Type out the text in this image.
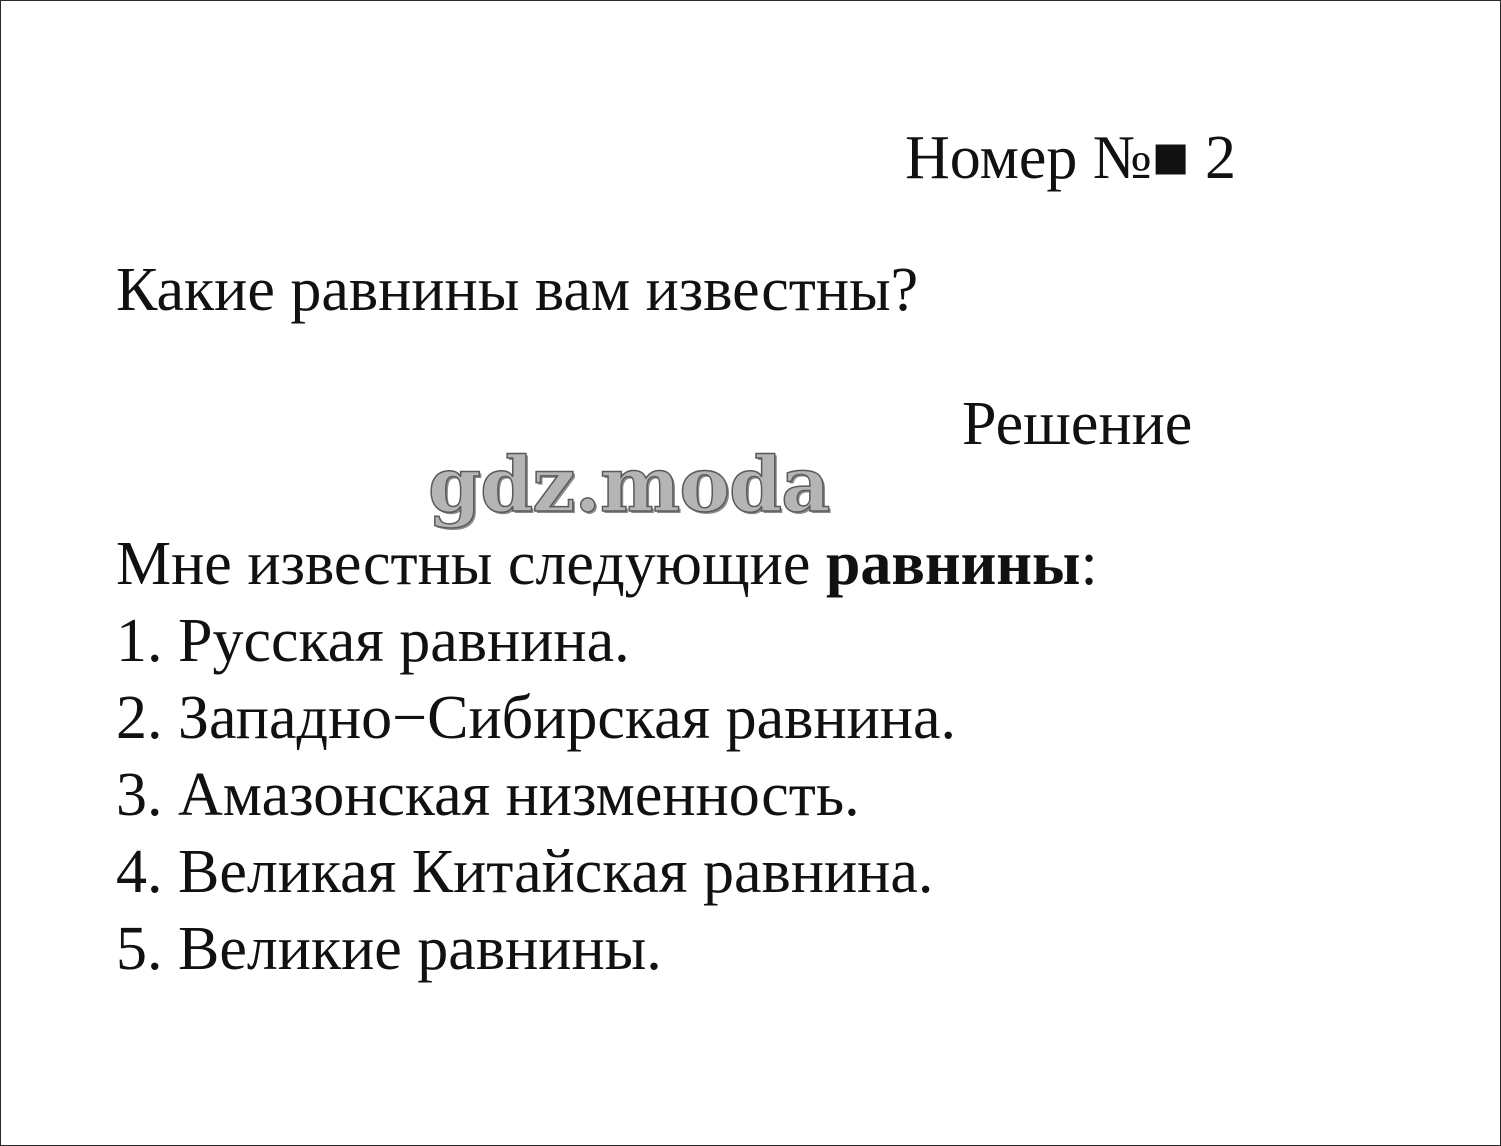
Номер №■ 2
Какие равнины вам известны?
Решение
gdz.moda
Мне известны следующие равнины:
1. Русская равнина.
2. Западно−Сибирская равнина.
3. Амазонская низменность.
4. Великая Китайская равнина.
5. Великие равнины.
